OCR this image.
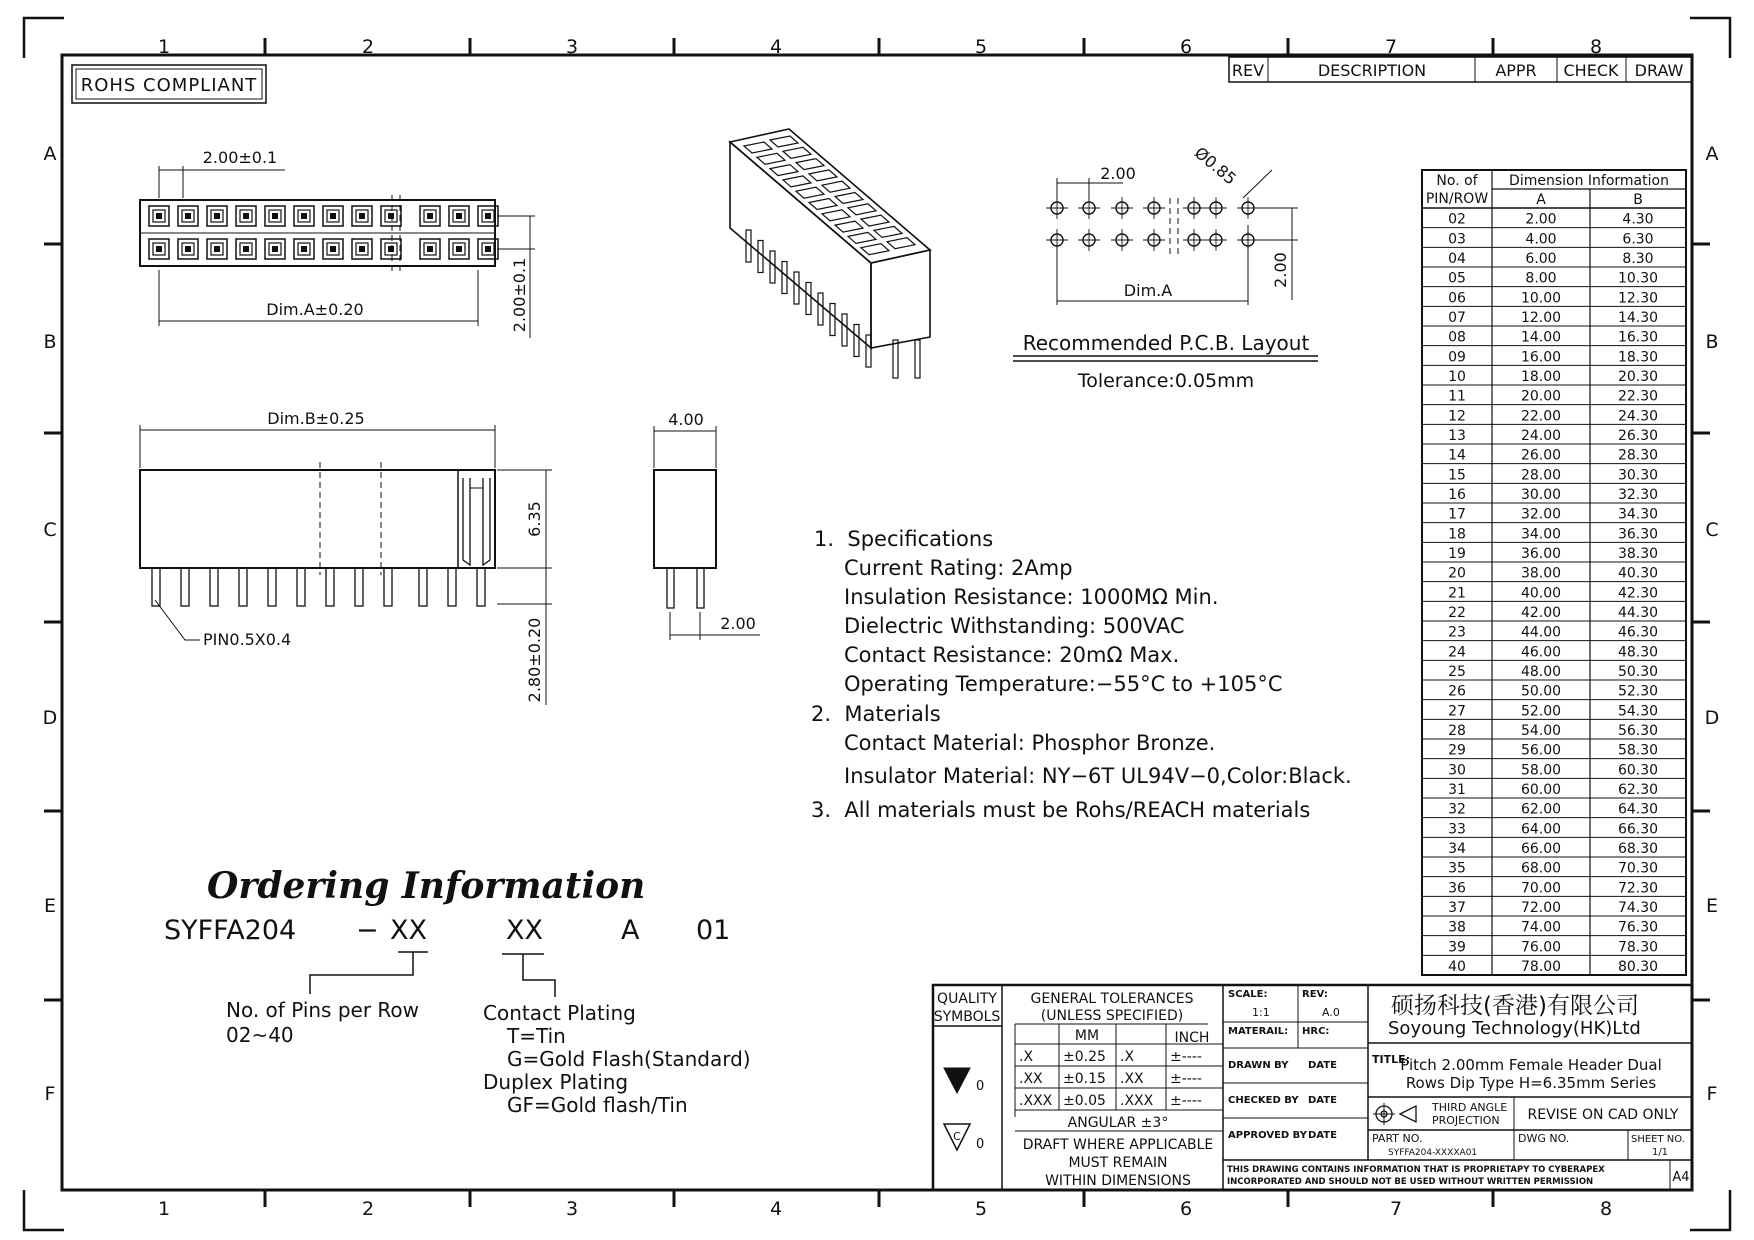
1	2	3	4	5	6	7	8
1	2	3	4	5	6	7	8
A
B
C
D
E
F
A
B
C
D
E
F
ROHS COMPLIANT
REV	DESCRIPTION	APPR CHECK DRAW
2.00±0.1
Dim.A±0.20	2.00±0.1
Dim.B±0.25
6.35
2.80±0.20
PIN0.5X0.4
4.00
2.00
2.00	Ø0.85
Dim.A
2.00
Recommended P.C.B. Layout
Tolerance:0.05mm
1.  Specifications
Current Rating: 2Amp
Insulation Resistance: 1000MΩ Min.
Dielectric Withstanding: 500VAC
Contact Resistance: 20mΩ Max.
Operating Temperature:−55°C to +105°C
2.  Materials
Contact Material: Phosphor Bronze.
Insulator Material: NY−6T UL94V−0,Color:Black.
3.  All materials must be Rohs/REACH materials
Ordering Information
SYFFA204 − XX	XX	A 01
No. of Pins per Row
02~40
Contact Plating
T=Tin
G=Gold Flash(Standard)
Duplex Plating
GF=Gold flash/Tin
No. of
PIN/ROW
Dimension Information
A	B
02	2.00	4.30
03	4.00	6.30
04	6.00	8.30
05	8.00	10.30
06	10.00	12.30
07	12.00	14.30
08	14.00	16.30
09	16.00	18.30
10	18.00	20.30
11	20.00	22.30
12	22.00	24.30
13	24.00	26.30
14	26.00	28.30
15	28.00	30.30
16	30.00	32.30
17	32.00	34.30
18	34.00	36.30
19	36.00	38.30
20	38.00	40.30
21	40.00	42.30
22	42.00	44.30
23	44.00	46.30
24	46.00	48.30
25	48.00	50.30
26	50.00	52.30
27	52.00	54.30
28	54.00	56.30
29	56.00	58.30
30	58.00	60.30
31	60.00	62.30
32	62.00	64.30
33	64.00	66.30
34	66.00	68.30
35	68.00	70.30
36	70.00	72.30
37	72.00	74.30
38	74.00	76.30
39	76.00	78.30
40	78.00	80.30
QUALITY
SYMBOLS
0
C
0
GENERAL TOLERANCES
(UNLESS SPECIFIED)
MM	INCH
.X ±0.25 .X	±----
.XX ±0.15 .XX ±----
.XXX ±0.05 .XXX ±----
ANGULAR ±3°
DRAFT WHERE APPLICABLE
MUST REMAIN
WITHIN DIMENSIONS
SCALE:
1:1
REV:
A.0
MATERAIL: HRC:
DRAWN BY DATE
CHECKED BY DATE
APPROVED BY DATE
硕扬科技(香港)有限公司
Soyoung Technology(HK)Ltd
TITLE:
Pitch 2.00mm Female Header Dual
Rows Dip Type H=6.35mm Series
THIRD ANGLE
PROJECTION REVISE ON CAD ONLY
PART NO.
SYFFA204-XXXXA01
DWG NO.	SHEET NO.
1/1
THIS DRAWING CONTAINS INFORMATION THAT IS PROPRIETAPY TO CYBERAPEX
INCORPORATED AND SHOULD NOT BE USED WITHOUT WRITTEN PERMISSION	A4
